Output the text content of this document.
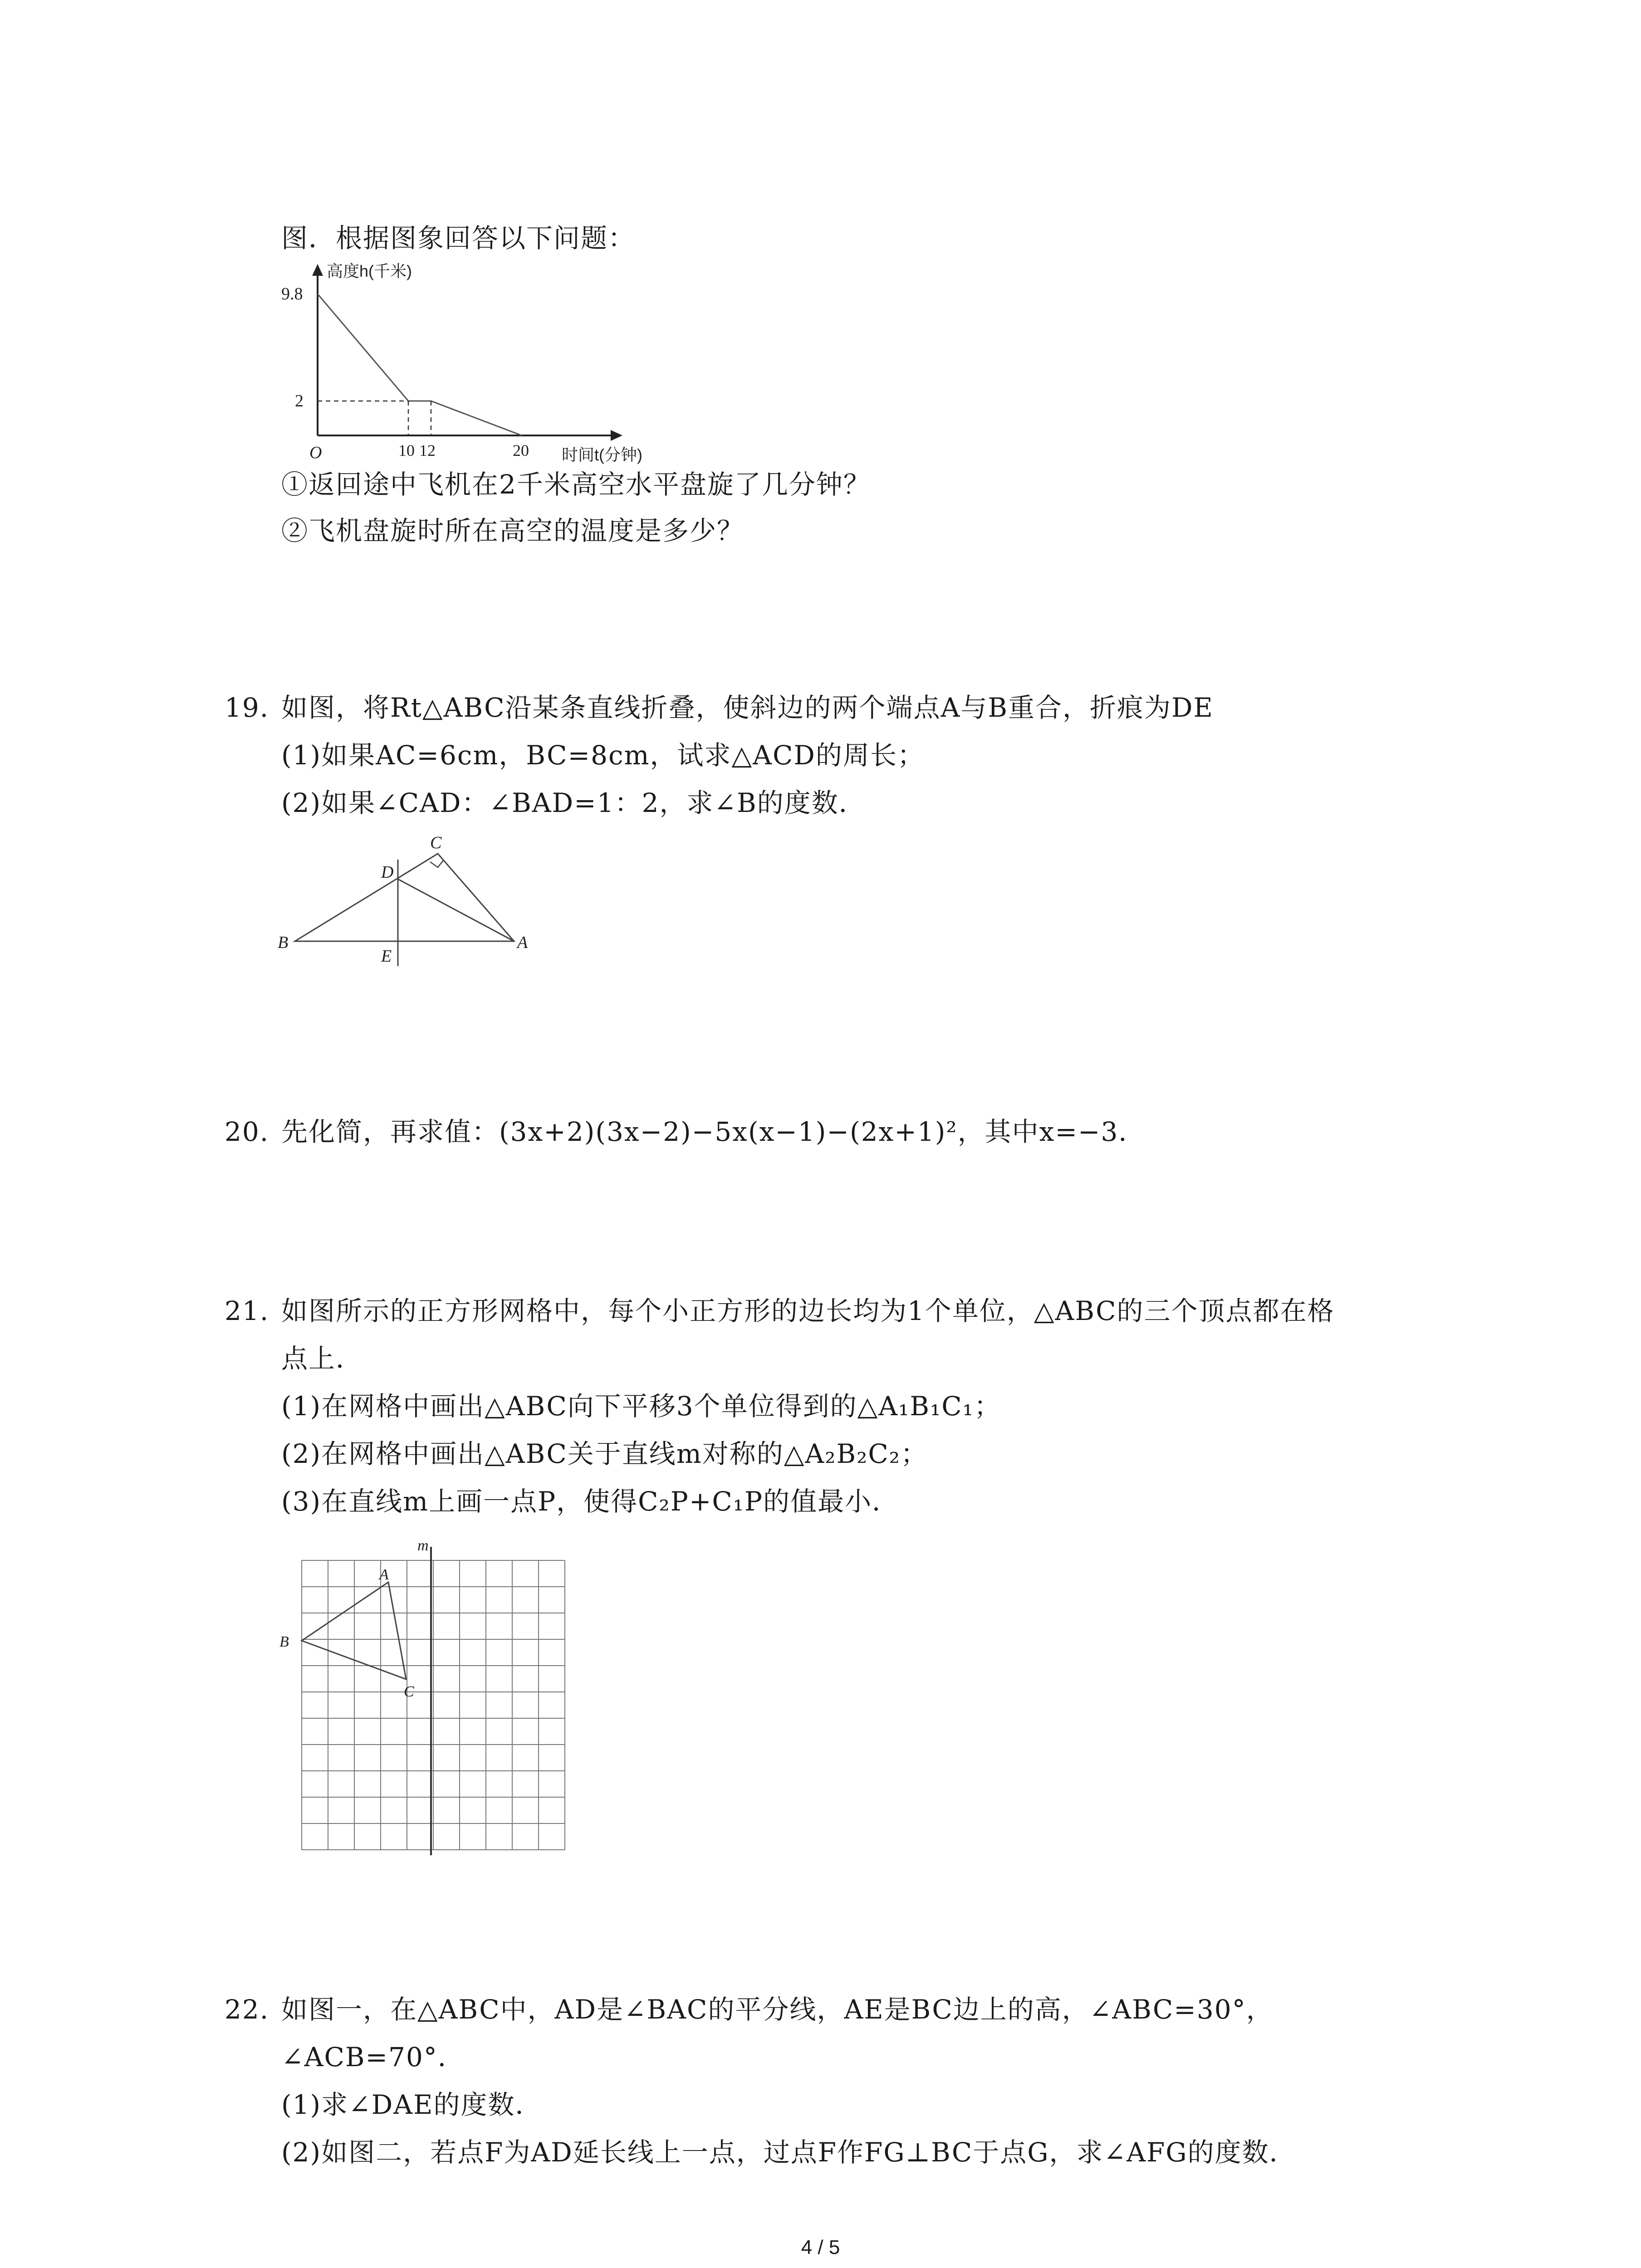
图．根据图象回答以下问题：
高度h(千米)
时间t(分钟)
O
9.8
2
10 12	20
①返回途中飞机在2千米高空水平盘旋了几分钟？
②飞机盘旋时所在高空的温度是多少？
19. 如图，将Rt△ABC沿某条直线折叠，使斜边的两个端点A与B重合，折痕为DE
(1)如果AC=6cm，BC=8cm，试求△ACD的周长；
(2)如果∠CAD：∠BAD=1：2，求∠B的度数．
C
D
B
E
A
20. 先化简，再求值：(3x+2)(3x−2)−5x(x−1)−(2x+1)²，其中x=−3．
21. 如图所示的正方形网格中，每个小正方形的边长均为1个单位，△ABC的三个顶点都在格
点上．
(1)在网格中画出△ABC向下平移3个单位得到的△A₁B₁C₁；
(2)在网格中画出△ABC关于直线m对称的△A₂B₂C₂；
(3)在直线m上画一点P，使得C₂P+C₁P的值最小．
m
A
B
C
22. 如图一，在△ABC中，AD是∠BAC的平分线，AE是BC边上的高，∠ABC=30°，
∠ACB=70°．
(1)求∠DAE的度数．
(2)如图二，若点F为AD延长线上一点，过点F作FG⊥BC于点G，求∠AFG的度数．
4 / 5
